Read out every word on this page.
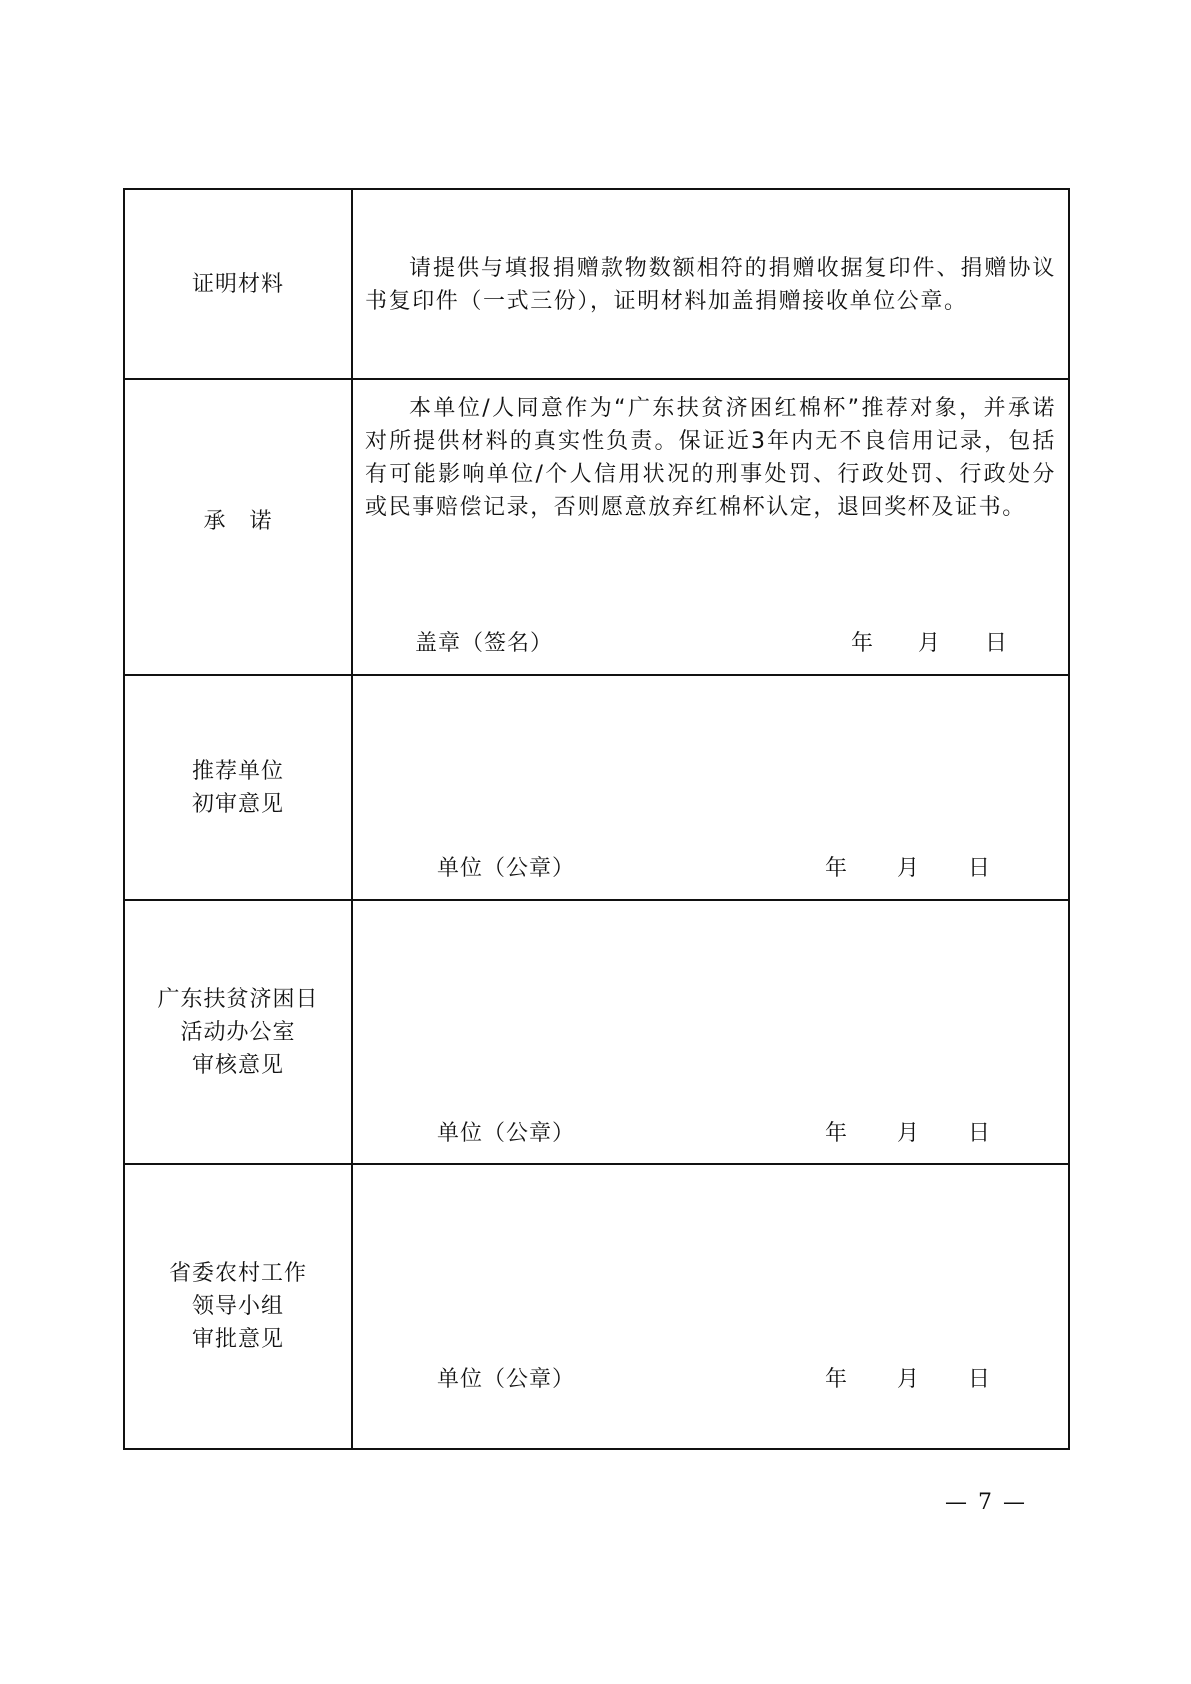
证明材料	请提供与填报捐赠款物数额相符的捐赠收据复印件、捐赠协议书复印件（一式三份），证明材料加盖捐赠接收单位公章。

承　诺	本单位/人同意作为“广东扶贫济困红棉杯”推荐对象，并承诺对所提供材料的真实性负责。保证近3年内无不良信用记录，包括有可能影响单位/个人信用状况的刑事处罚、行政处罚、行政处分或民事赔偿记录，否则愿意放弃红棉杯认定，退回奖杯及证书。
盖章（签名） 年 月 日

推荐单位
初审意见	单位（公章） 年 月 日

广东扶贫济困日
活动办公室
审核意见	单位（公章） 年 月 日

省委农村工作
领导小组
审批意见	单位（公章） 年 月 日
— 7 —
